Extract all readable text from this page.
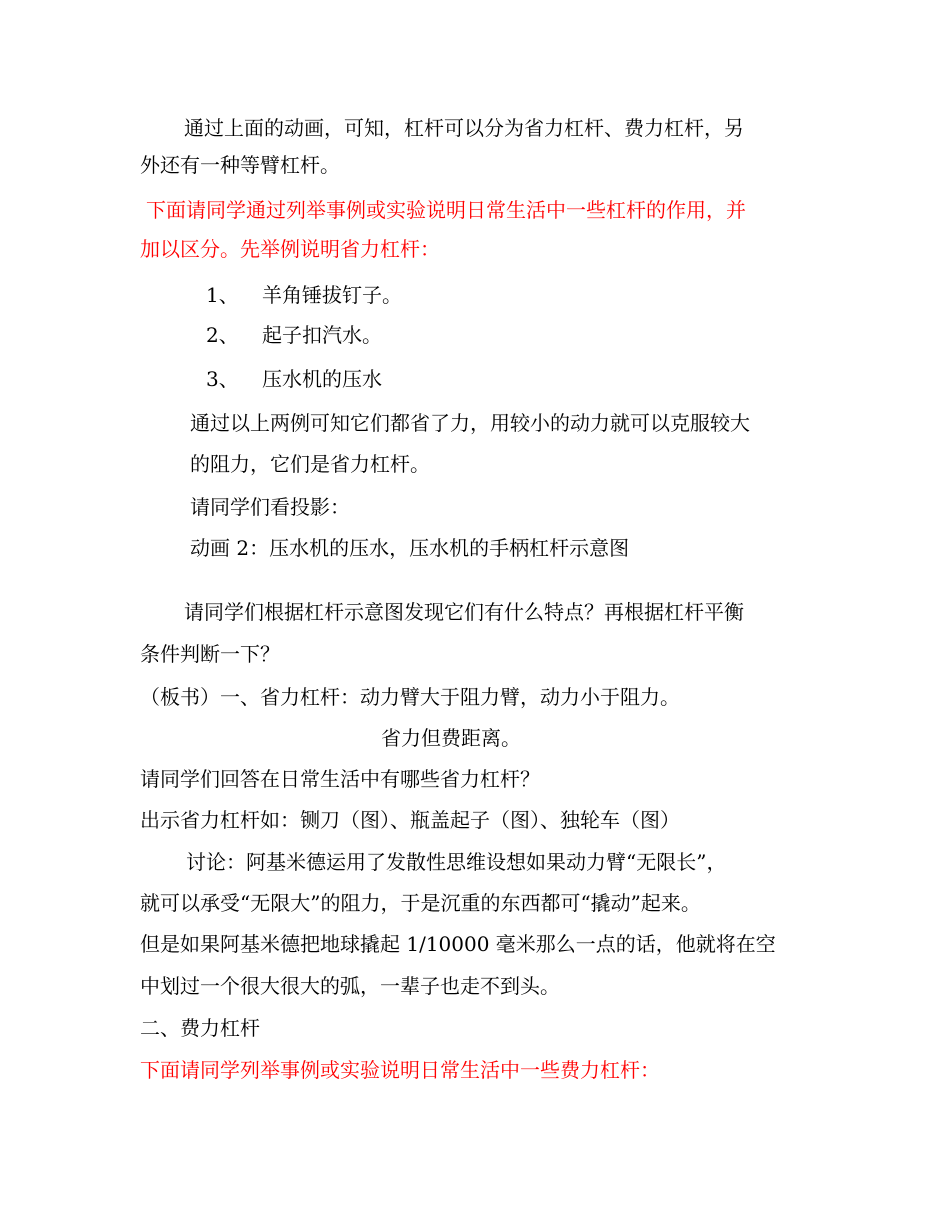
通过上面的动画，可知，杠杆可以分为省力杠杆、费力杠杆，另
外还有一种等臂杠杆。
下面请同学通过列举事例或实验说明日常生活中一些杠杆的作用，并
加以区分。先举例说明省力杠杆：
1、 羊角锤拔钉子。
2、 起子扣汽水。
3、 压水机的压水
通过以上两例可知它们都省了力，用较小的动力就可以克服较大
的阻力，它们是省力杠杆。
请同学们看投影：
动画 2：压水机的压水，压水机的手柄杠杆示意图
请同学们根据杠杆示意图发现它们有什么特点？再根据杠杆平衡
条件判断一下？
（板书）一、省力杠杆：动力臂大于阻力臂，动力小于阻力。
省力但费距离。
请同学们回答在日常生活中有哪些省力杠杆？
出示省力杠杆如：铡刀（图）、瓶盖起子（图）、独轮车（图）
讨论：阿基米德运用了发散性思维设想如果动力臂“无限长”，
就可以承受“无限大”的阻力，于是沉重的东西都可“撬动”起来。
但是如果阿基米德把地球撬起 1/10000 毫米那么一点的话，他就将在空
中划过一个很大很大的弧，一辈子也走不到头。
二、费力杠杆
下面请同学列举事例或实验说明日常生活中一些费力杠杆：
